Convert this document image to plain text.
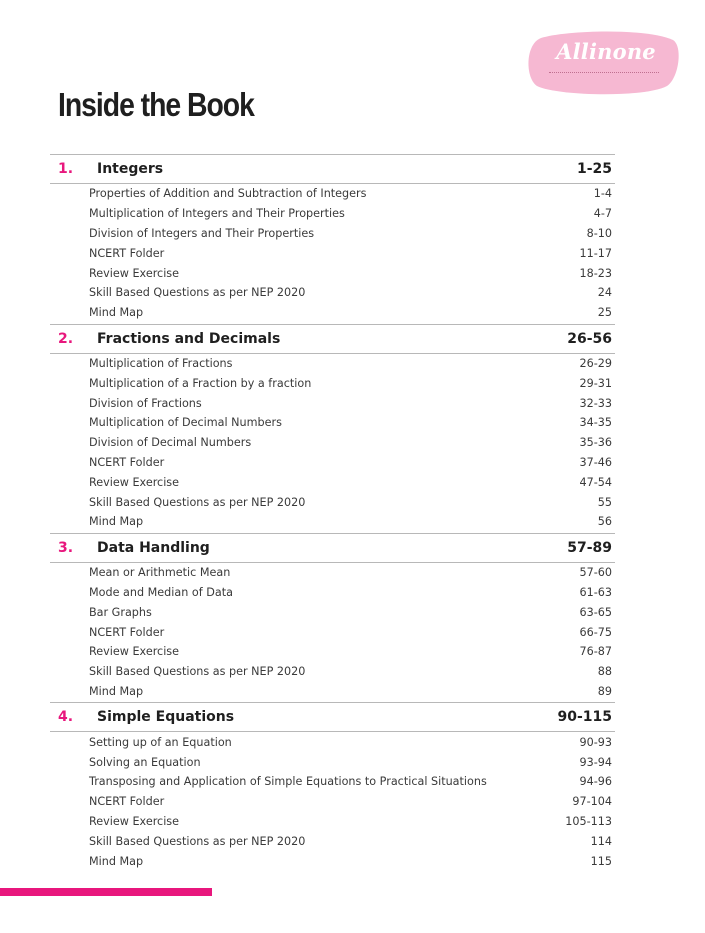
Allinone
Inside the Book
1.	Integers	1-25
Properties of Addition and Subtraction of Integers	1-4
Multiplication of Integers and Their Properties	4-7
Division of Integers and Their Properties	8-10
NCERT Folder	11-17
Review Exercise	18-23
Skill Based Questions as per NEP 2020	24
Mind Map	25
2.	Fractions and Decimals	26-56
Multiplication of Fractions	26-29
Multiplication of a Fraction by a fraction	29-31
Division of Fractions	32-33
Multiplication of Decimal Numbers	34-35
Division of Decimal Numbers	35-36
NCERT Folder	37-46
Review Exercise	47-54
Skill Based Questions as per NEP 2020	55
Mind Map	56
3.	Data Handling	57-89
Mean or Arithmetic Mean	57-60
Mode and Median of Data	61-63
Bar Graphs	63-65
NCERT Folder	66-75
Review Exercise	76-87
Skill Based Questions as per NEP 2020	88
Mind Map	89
4.	Simple Equations	90-115
Setting up of an Equation	90-93
Solving an Equation	93-94
Transposing and Application of Simple Equations to Practical Situations	94-96
NCERT Folder	97-104
Review Exercise	105-113
Skill Based Questions as per NEP 2020	114
Mind Map	115
